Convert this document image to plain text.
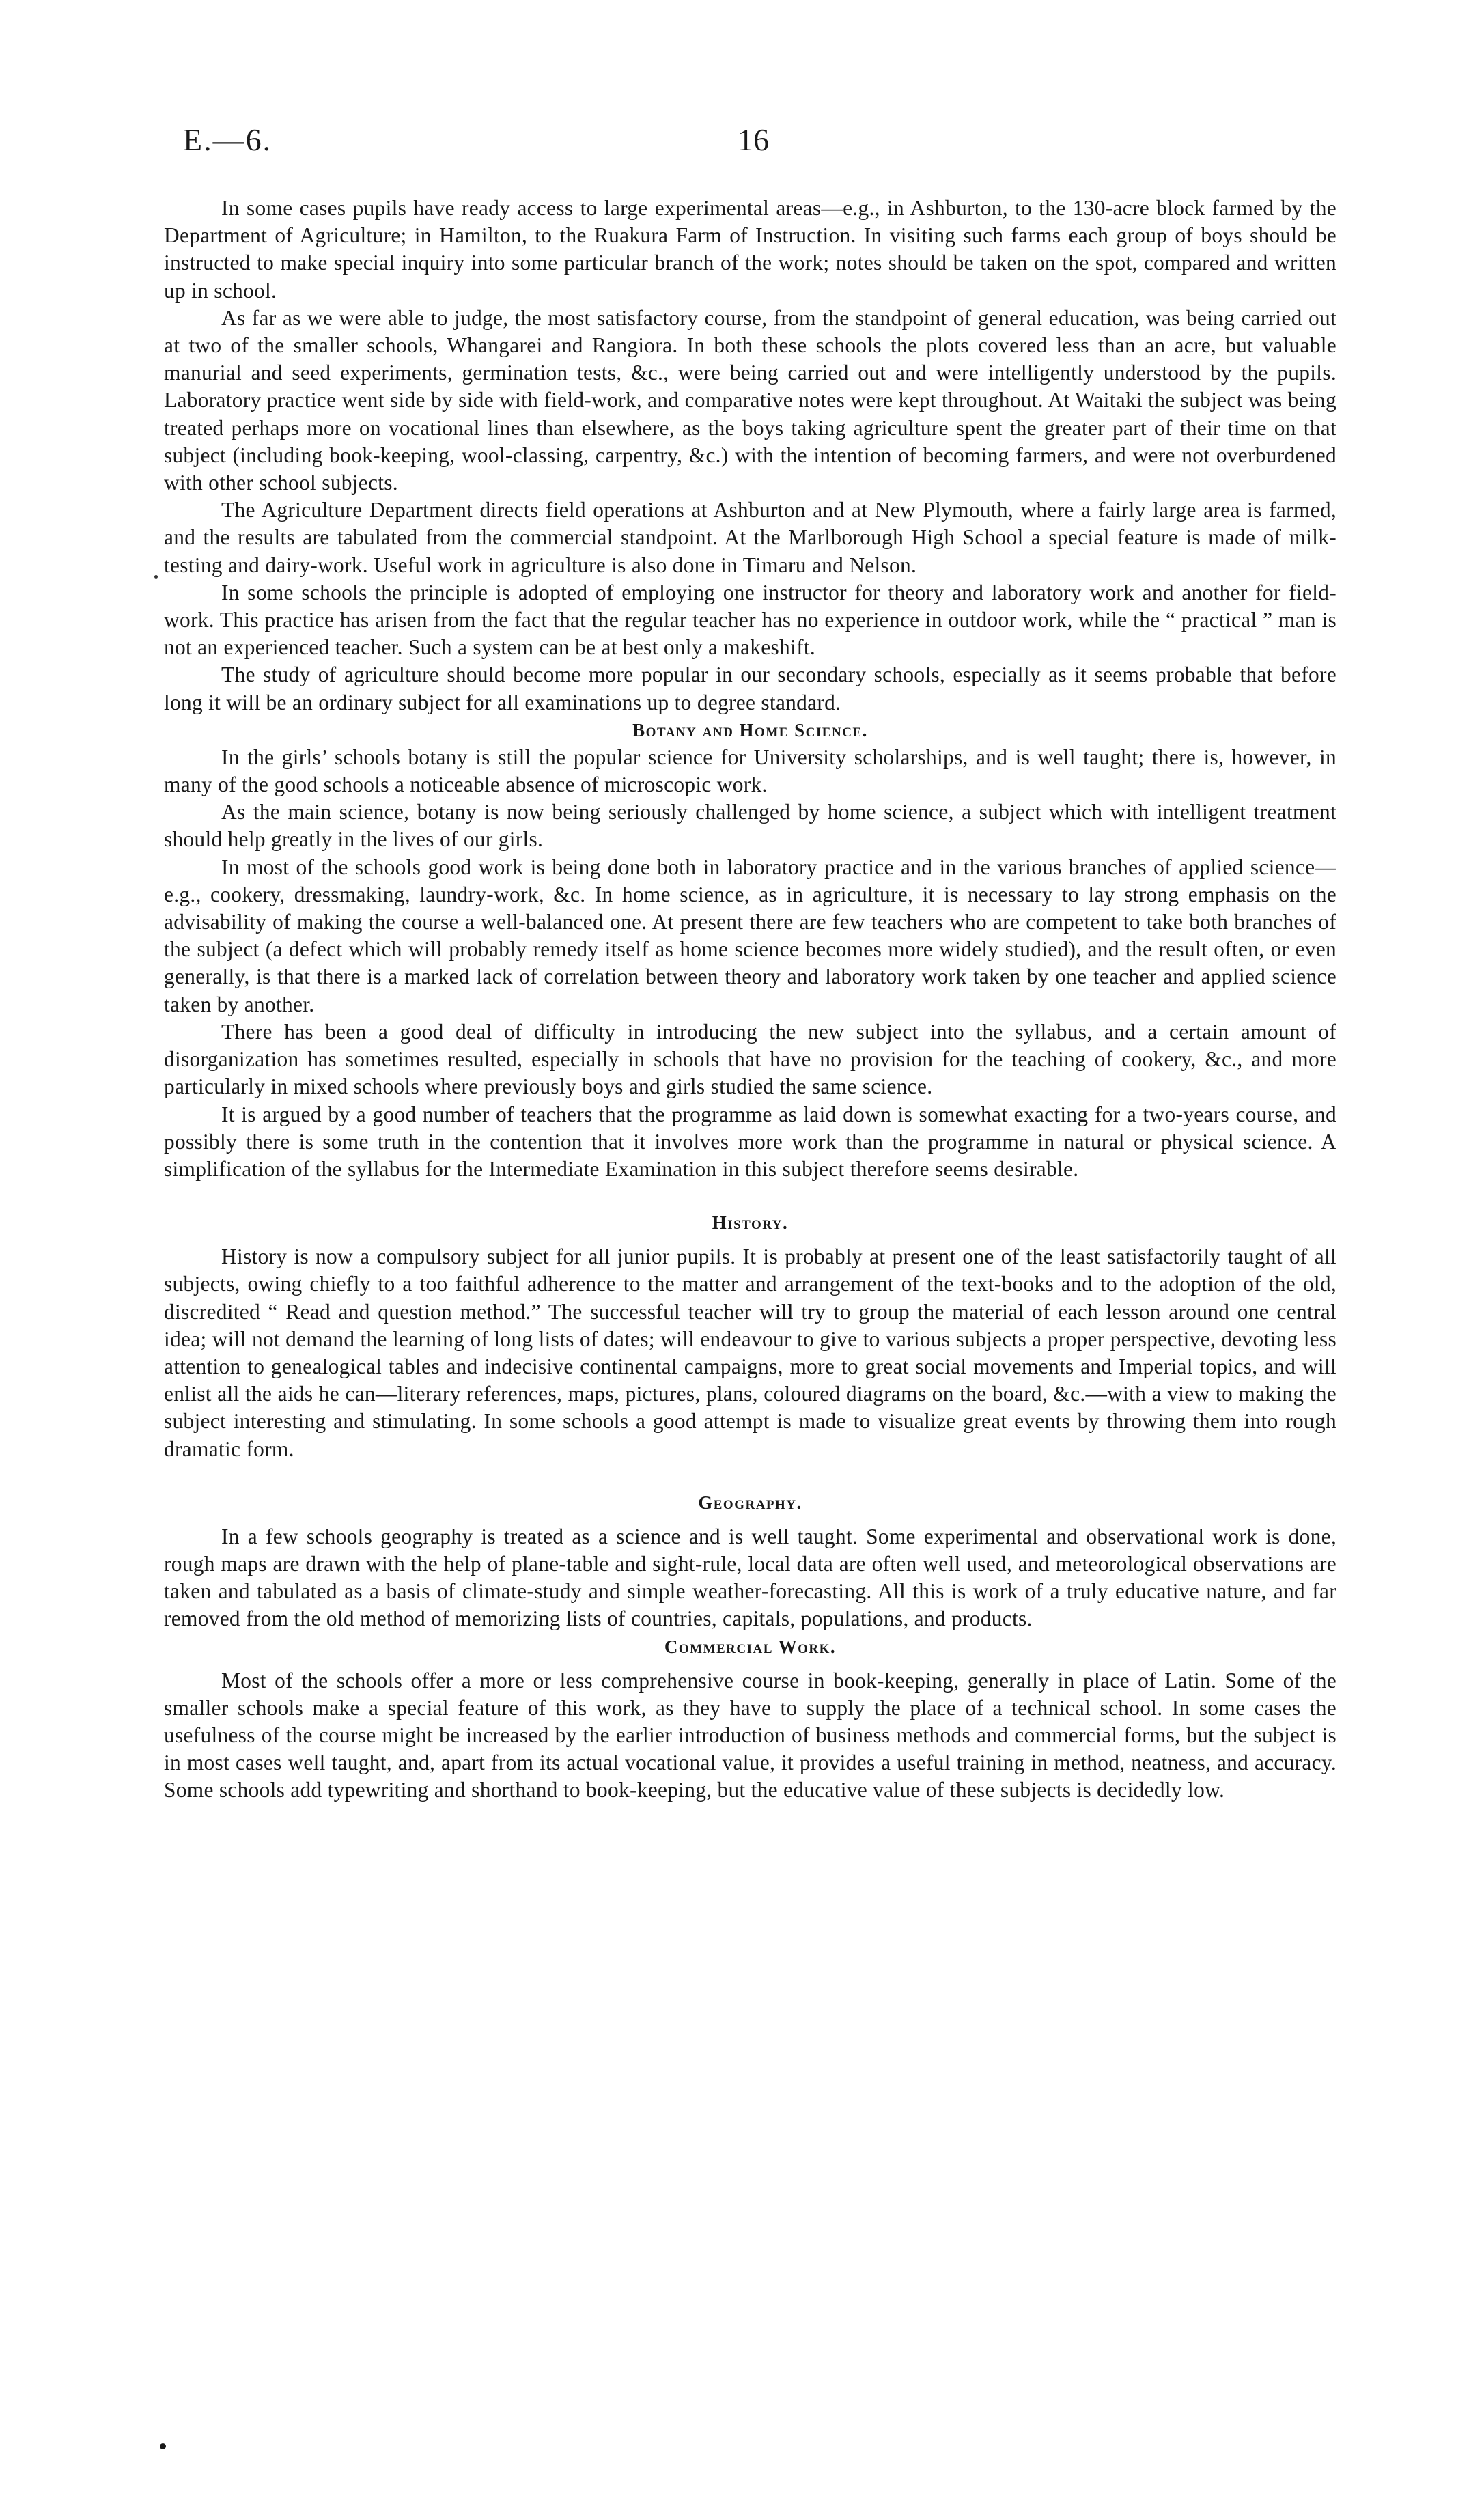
E.—6.	16

In some cases pupils have ready access to large experimental areas—e.g., in Ashburton, to the 130-acre block farmed by the Department of Agriculture; in Hamilton, to the Ruakura Farm of Instruction. In visiting such farms each group of boys should be instructed to make special inquiry into some particular branch of the work; notes should be taken on the spot, compared and written up in school.

As far as we were able to judge, the most satisfactory course, from the standpoint of general education, was being carried out at two of the smaller schools, Whangarei and Rangiora. In both these schools the plots covered less than an acre, but valuable manurial and seed experiments, germination tests, &c., were being carried out and were intelligently understood by the pupils. Laboratory practice went side by side with field-work, and comparative notes were kept throughout. At Waitaki the subject was being treated perhaps more on vocational lines than elsewhere, as the boys taking agriculture spent the greater part of their time on that subject (including book-keeping, wool-classing, carpentry, &c.) with the intention of becoming farmers, and were not overburdened with other school subjects.

The Agriculture Department directs field operations at Ashburton and at New Plymouth, where a fairly large area is farmed, and the results are tabulated from the commercial standpoint. At the Marlborough High School a special feature is made of milk-testing and dairy-work. Useful work in agriculture is also done in Timaru and Nelson.

In some schools the principle is adopted of employing one instructor for theory and laboratory work and another for field-work. This practice has arisen from the fact that the regular teacher has no experience in outdoor work, while the “ practical ” man is not an experienced teacher. Such a system can be at best only a makeshift.

The study of agriculture should become more popular in our secondary schools, especially as it seems probable that before long it will be an ordinary subject for all examinations up to degree standard.

Botany and Home Science.

In the girls’ schools botany is still the popular science for University scholarships, and is well taught; there is, however, in many of the good schools a noticeable absence of microscopic work.

As the main science, botany is now being seriously challenged by home science, a subject which with intelligent treatment should help greatly in the lives of our girls.

In most of the schools good work is being done both in laboratory practice and in the various branches of applied science—e.g., cookery, dressmaking, laundry-work, &c. In home science, as in agriculture, it is necessary to lay strong emphasis on the advisability of making the course a well-balanced one. At present there are few teachers who are competent to take both branches of the subject (a defect which will probably remedy itself as home science becomes more widely studied), and the result often, or even generally, is that there is a marked lack of correlation between theory and laboratory work taken by one teacher and applied science taken by another.

There has been a good deal of difficulty in introducing the new subject into the syllabus, and a certain amount of disorganization has sometimes resulted, especially in schools that have no provision for the teaching of cookery, &c., and more particularly in mixed schools where previously boys and girls studied the same science.

It is argued by a good number of teachers that the programme as laid down is somewhat exacting for a two-years course, and possibly there is some truth in the contention that it involves more work than the programme in natural or physical science. A simplification of the syllabus for the Intermediate Examination in this subject therefore seems desirable.

History.

History is now a compulsory subject for all junior pupils. It is probably at present one of the least satisfactorily taught of all subjects, owing chiefly to a too faithful adherence to the matter and arrangement of the text-books and to the adoption of the old, discredited “ Read and question method.” The successful teacher will try to group the material of each lesson around one central idea; will not demand the learning of long lists of dates; will endeavour to give to various subjects a proper perspective, devoting less attention to genealogical tables and indecisive continental campaigns, more to great social movements and Imperial topics, and will enlist all the aids he can—literary references, maps, pictures, plans, coloured diagrams on the board, &c.—with a view to making the subject interesting and stimulating. In some schools a good attempt is made to visualize great events by throwing them into rough dramatic form.

Geography.

In a few schools geography is treated as a science and is well taught. Some experimental and observational work is done, rough maps are drawn with the help of plane-table and sight-rule, local data are often well used, and meteorological observations are taken and tabulated as a basis of climate-study and simple weather-forecasting. All this is work of a truly educative nature, and far removed from the old method of memorizing lists of countries, capitals, populations, and products.

Commercial Work.

Most of the schools offer a more or less comprehensive course in book-keeping, generally in place of Latin. Some of the smaller schools make a special feature of this work, as they have to supply the place of a technical school. In some cases the usefulness of the course might be increased by the earlier introduction of business methods and commercial forms, but the subject is in most cases well taught, and, apart from its actual vocational value, it provides a useful training in method, neatness, and accuracy. Some schools add typewriting and shorthand to book-keeping, but the educative value of these subjects is decidedly low.
